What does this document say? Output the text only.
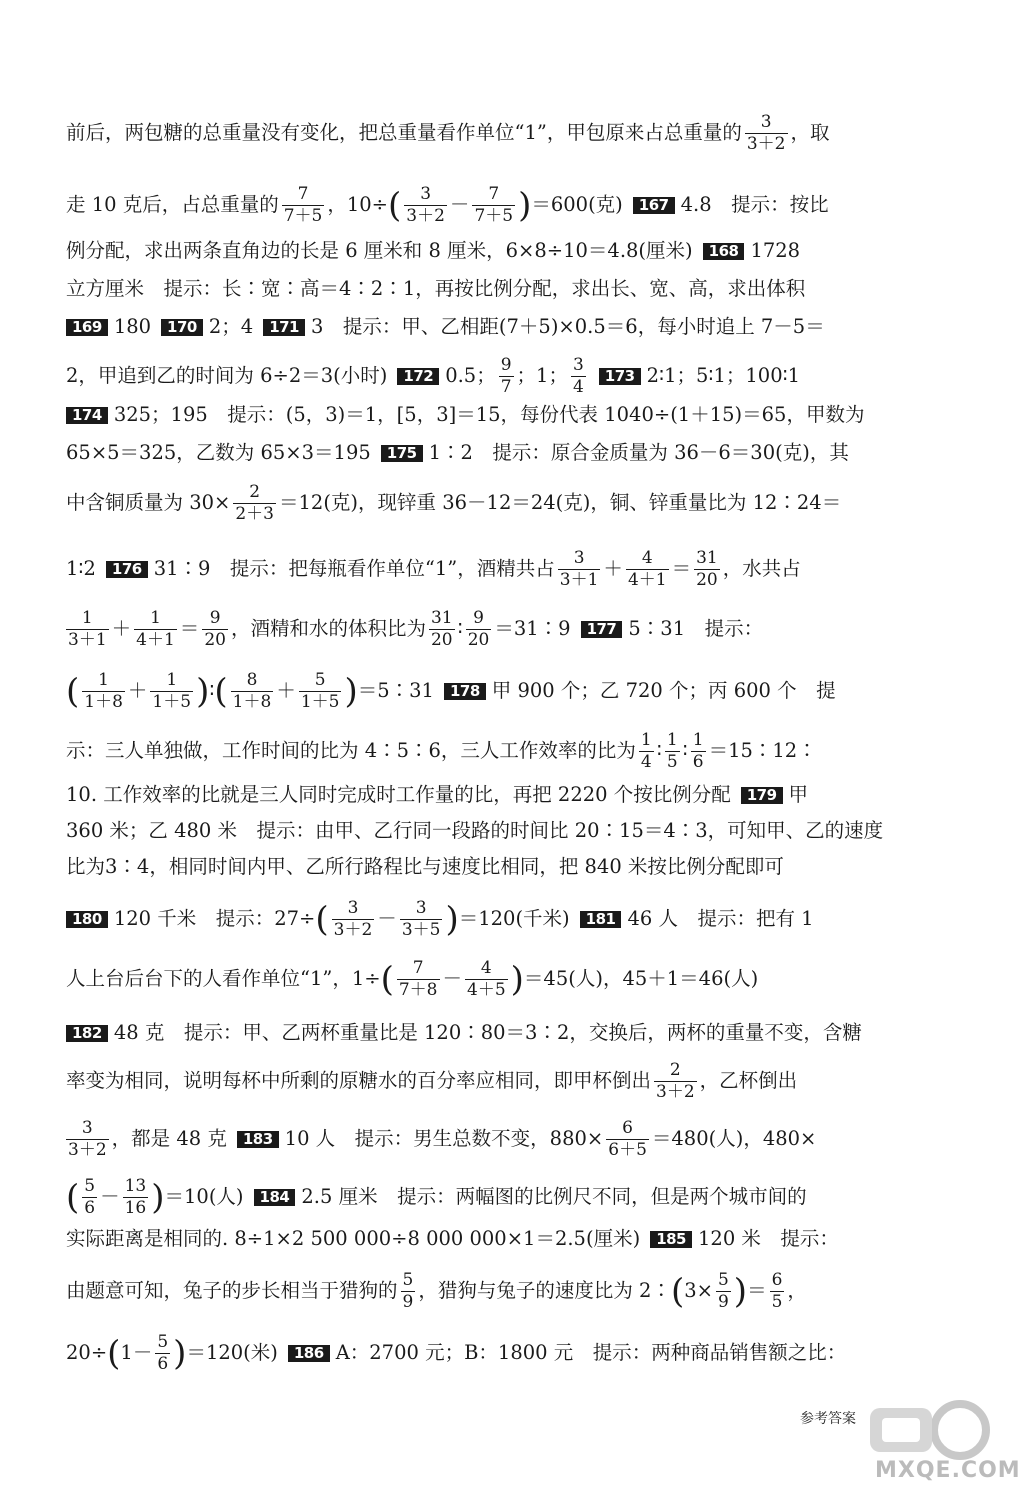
前后，两包糖的总重量没有变化，把总重量看作单位“1”，甲包原来占总重量的 $\frac{3}{3+2}$ ，取
走 10 克后，占总重量的 $\frac{7}{7+5}$ ，$10\div( \frac{3}{3+2} - \frac{7}{7+5} )=600$(克) 167 4.8　提示：按比
例分配，求出两条直角边的长是 6 厘米和 8 厘米，6×8÷10＝4.8(厘米) 168 1728
立方厘米　提示：长∶宽∶高＝4∶2∶1，再按比例分配，求出长、宽、高，求出体积
169 180 170 2；4 171 3　提示：甲、乙相距(7＋5)×0.5＝6，每小时追上 7－5＝
2，甲追到乙的时间为 6÷2＝3(小时) 172 0.5； $\frac{9}{7}$ ；1； $\frac{3}{4} 173$ 2∶1；5∶1；100∶1
174 325；195　提示：(5，3)＝1，[5，3]＝15，每份代表 1040÷(1＋15)＝65，甲数为
65×5＝325，乙数为 65×3＝195 175 1∶2　提示：原合金质量为 36－6＝30(克)，其
中含铜质量为 $30\times \frac{2}{2+3} =12$(克)，现锌重 36－12＝24(克)，铜、锌重量比为 12∶24＝
1∶2 176 31∶9　提示：把每瓶看作单位“1”，酒精共占 $\frac{3}{3+1} + \frac{4}{4+1} = \frac{31}{20}$ ，水共占
$\frac{1}{3+1} + \frac{1}{4+1} = \frac{9}{20}$ ，酒精和水的体积比为 $\frac{31}{20}$ ∶ $\frac{9}{20}$ ＝31∶9 177 5∶31　提示：
( $\frac{1}{1+8} + \frac{1}{1+5}$ )∶( $\frac{8}{1+8} + \frac{5}{1+5}$ )＝5∶31 178 甲 900 个；乙 720 个；丙 600 个　提
示：三人单独做，工作时间的比为 4∶5∶6，三人工作效率的比为 $\frac{1}{4}$ ∶ $\frac{1}{5}$ ∶ $\frac{1}{6}$ ＝15∶12∶
10. 工作效率的比就是三人同时完成时工作量的比，再把 2220 个按比例分配 179 甲
360 米；乙 480 米　提示：由甲、乙行同一段路的时间比 20∶15＝4∶3，可知甲、乙的速度
比为3∶4，相同时间内甲、乙所行路程比与速度比相同，把 840 米按比例分配即可
180 120 千米　提示：$27\div( \frac{3}{3+2} - \frac{3}{3+5} )=120$(千米) 181 46 人　提示：把有 1
人上台后台下的人看作单位“1”，$1\div( \frac{7}{7+8} - \frac{4}{4+5} )=45$(人)，45＋1＝46(人)
182 48 克　提示：甲、乙两杯重量比是 120∶80＝3∶2，交换后，两杯的重量不变，含糖
率变为相同，说明每杯中所剩的原糖水的百分率应相同，即甲杯倒出 $\frac{2}{3+2}$ ，乙杯倒出
$\frac{3}{3+2}$ ，都是 48 克 183 10 人　提示：男生总数不变，$880\times \frac{6}{6+5} =480$(人)，480×
( $\frac{5}{6} - \frac{13}{16} )=10$(人) 184 2.5 厘米　提示：两幅图的比例尺不同，但是两个城市间的
实际距离是相同的. 8÷1×2 500 000÷8 000 000×1＝2.5(厘米) 185 120 米　提示：
由题意可知，兔子的步长相当于猎狗的 $\frac{5}{9}$ ，猎狗与兔子的速度比为 2∶(3× $\frac{5}{9}$ )＝ $\frac{6}{5}$ ，
$20\div(1- \frac{5}{6} )=120$(米) 186 A：2700 元；B：1800 元　提示：两种商品销售额之比：
参考答案
MXQE.COM
